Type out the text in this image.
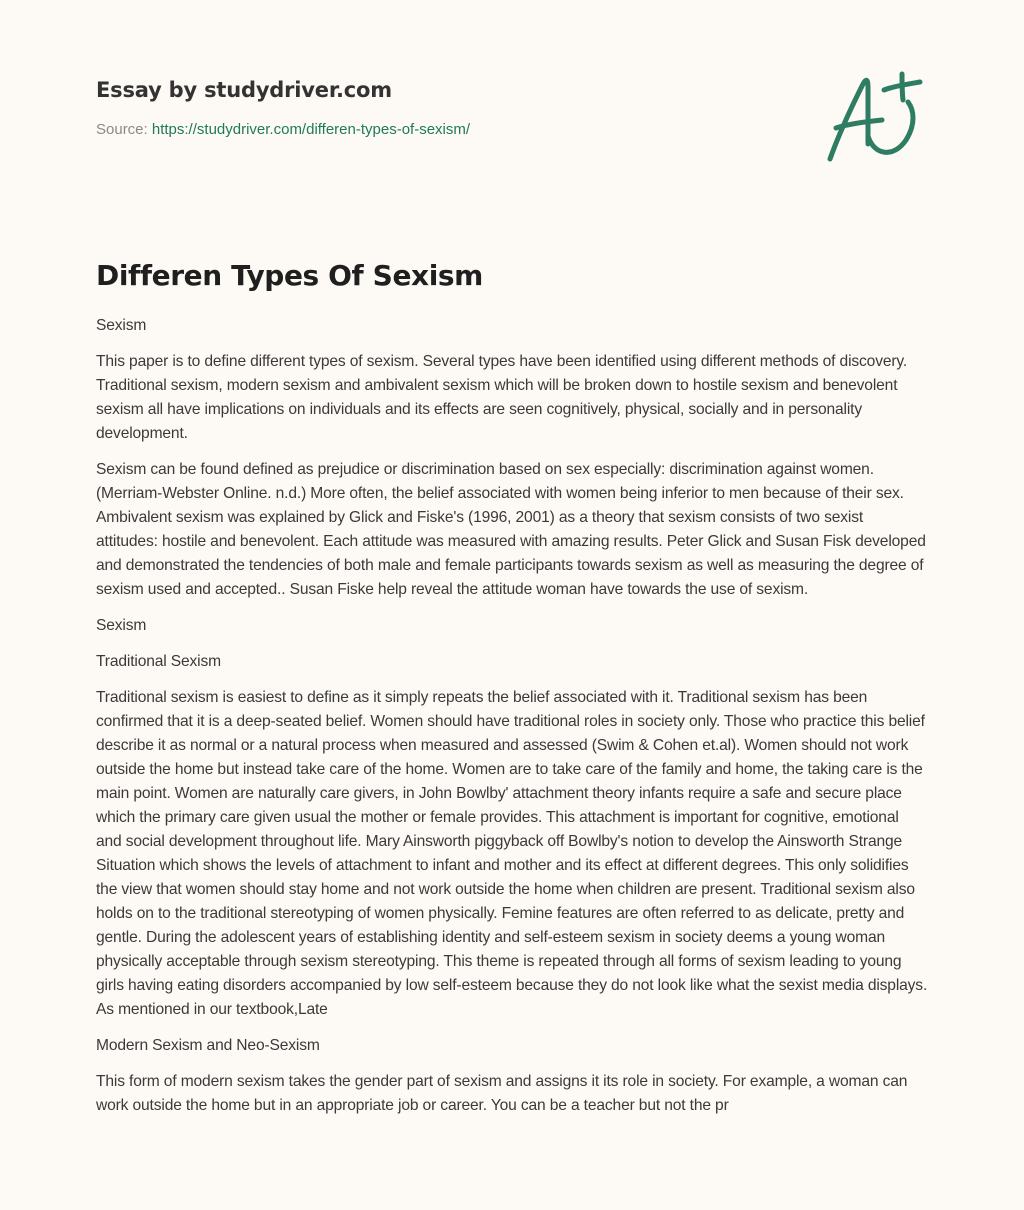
Essay by studydriver.com
Source: https://studydriver.com/differen-types-of-sexism/
Differen Types Of Sexism

Sexism

This paper is to define different types of sexism. Several types have been identified using different methods of discovery. Traditional sexism, modern sexism and ambivalent sexism which will be broken down to hostile sexism and benevolent sexism all have implications on individuals and its effects are seen cognitively, physical, socially and in personality development.

Sexism can be found defined as prejudice or discrimination based on sex especially: discrimination against women. (Merriam-Webster Online. n.d.) More often, the belief associated with women being inferior to men because of their sex. Ambivalent sexism was explained by Glick and Fiske's (1996, 2001) as a theory that sexism consists of two sexist attitudes: hostile and benevolent. Each attitude was measured with amazing results. Peter Glick and Susan Fisk developed and demonstrated the tendencies of both male and female participants towards sexism as well as measuring the degree of sexism used and accepted.. Susan Fiske help reveal the attitude woman have towards the use of sexism.

Sexism

Traditional Sexism

Traditional sexism is easiest to define as it simply repeats the belief associated with it. Traditional sexism has been confirmed that it is a deep-seated belief. Women should have traditional roles in society only. Those who practice this belief describe it as normal or a natural process when measured and assessed (Swim & Cohen et.al). Women should not work outside the home but instead take care of the home. Women are to take care of the family and home, the taking care is the main point. Women are naturally care givers, in John Bowlby' attachment theory infants require a safe and secure place which the primary care given usual the mother or female provides. This attachment is important for cognitive, emotional and social development throughout life. Mary Ainsworth piggyback off Bowlby's notion to develop the Ainsworth Strange Situation which shows the levels of attachment to infant and mother and its effect at different degrees. This only solidifies the view that women should stay home and not work outside the home when children are present. Traditional sexism also holds on to the traditional stereotyping of women physically. Femine features are often referred to as delicate, pretty and gentle. During the adolescent years of establishing identity and self-esteem sexism in society deems a young woman physically acceptable through sexism stereotyping. This theme is repeated through all forms of sexism leading to young girls having eating disorders accompanied by low self-esteem because they do not look like what the sexist media displays. As mentioned in our textbook,Late

Modern Sexism and Neo-Sexism

This form of modern sexism takes the gender part of sexism and assigns it its role in society. For example, a woman can work outside the home but in an appropriate job or career. You can be a teacher but not the pr
